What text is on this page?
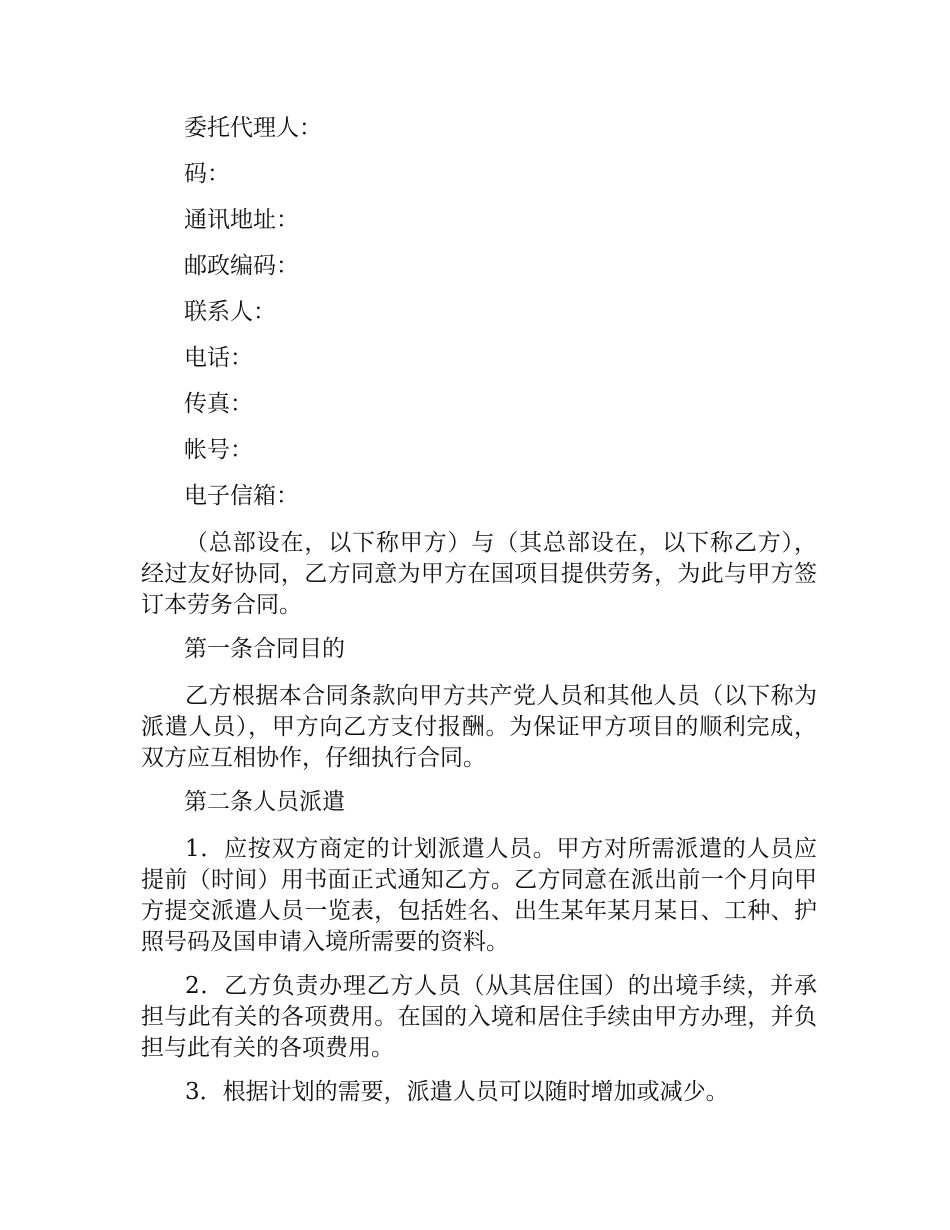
委托代理人：
码：
通讯地址：
邮政编码：
联系人：
电话：
传真：
帐号：
电子信箱：

（总部设在，以下称甲方）与（其总部设在，以下称乙方），经过友好协同，乙方同意为甲方在国项目提供劳务，为此与甲方签订本劳务合同。

第一条合同目的

乙方根据本合同条款向甲方共产党人员和其他人员（以下称为派遣人员），甲方向乙方支付报酬。为保证甲方项目的顺利完成，双方应互相协作，仔细执行合同。

第二条人员派遣

1．应按双方商定的计划派遣人员。甲方对所需派遣的人员应提前（时间）用书面正式通知乙方。乙方同意在派出前一个月向甲方提交派遣人员一览表，包括姓名、出生某年某月某日、工种、护照号码及国申请入境所需要的资料。

2．乙方负责办理乙方人员（从其居住国）的出境手续，并承担与此有关的各项费用。在国的入境和居住手续由甲方办理，并负担与此有关的各项费用。

3．根据计划的需要，派遣人员可以随时增加或减少。
